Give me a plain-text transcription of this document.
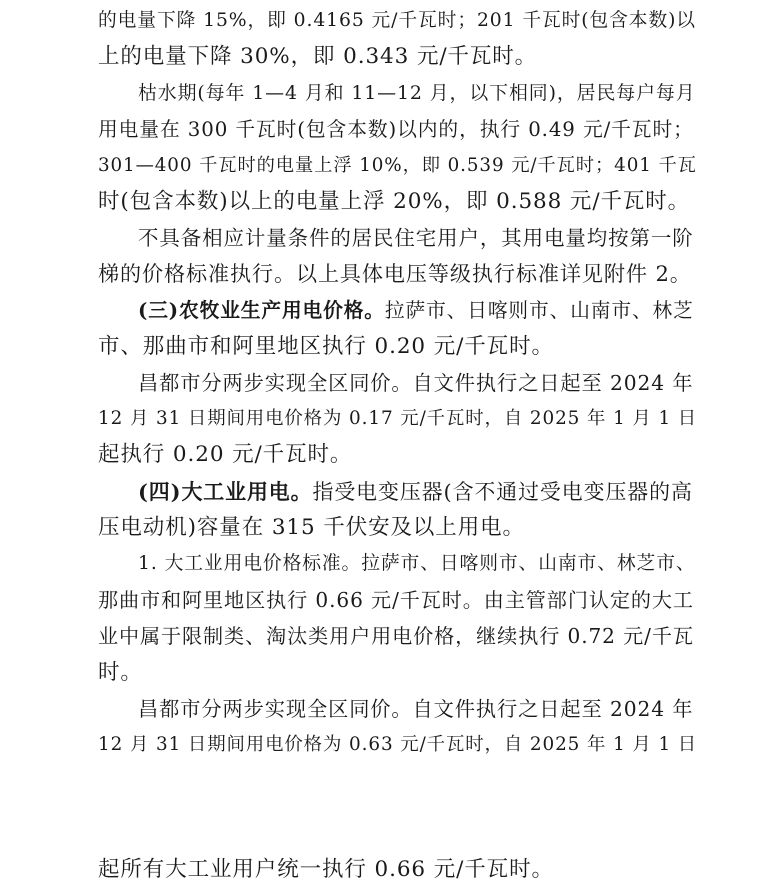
的电量下降 15%，即 0.4165 元/千瓦时；201 千瓦时(包含本数)以
上的电量下降 30%，即 0.343 元/千瓦时。
枯水期(每年 1—4 月和 11—12 月，以下相同)，居民每户每月
用电量在 300 千瓦时(包含本数)以内的，执行 0.49 元/千瓦时；
301—400 千瓦时的电量上浮 10%，即 0.539 元/千瓦时；401 千瓦
时(包含本数)以上的电量上浮 20%，即 0.588 元/千瓦时。
不具备相应计量条件的居民住宅用户，其用电量均按第一阶
梯的价格标准执行。以上具体电压等级执行标准详见附件 2。
(三)农牧业生产用电价格。拉萨市、日喀则市、山南市、林芝
市、那曲市和阿里地区执行 0.20 元/千瓦时。
昌都市分两步实现全区同价。自文件执行之日起至 2024 年
12 月 31 日期间用电价格为 0.17 元/千瓦时，自 2025 年 1 月 1 日
起执行 0.20 元/千瓦时。
(四)大工业用电。指受电变压器(含不通过受电变压器的高
压电动机)容量在 315 千伏安及以上用电。
1. 大工业用电价格标准。拉萨市、日喀则市、山南市、林芝市、
那曲市和阿里地区执行 0.66 元/千瓦时。由主管部门认定的大工
业中属于限制类、淘汰类用户用电价格，继续执行 0.72 元/千瓦
时。
昌都市分两步实现全区同价。自文件执行之日起至 2024 年
12 月 31 日期间用电价格为 0.63 元/千瓦时，自 2025 年 1 月 1 日
起所有大工业用户统一执行 0.66 元/千瓦时。
